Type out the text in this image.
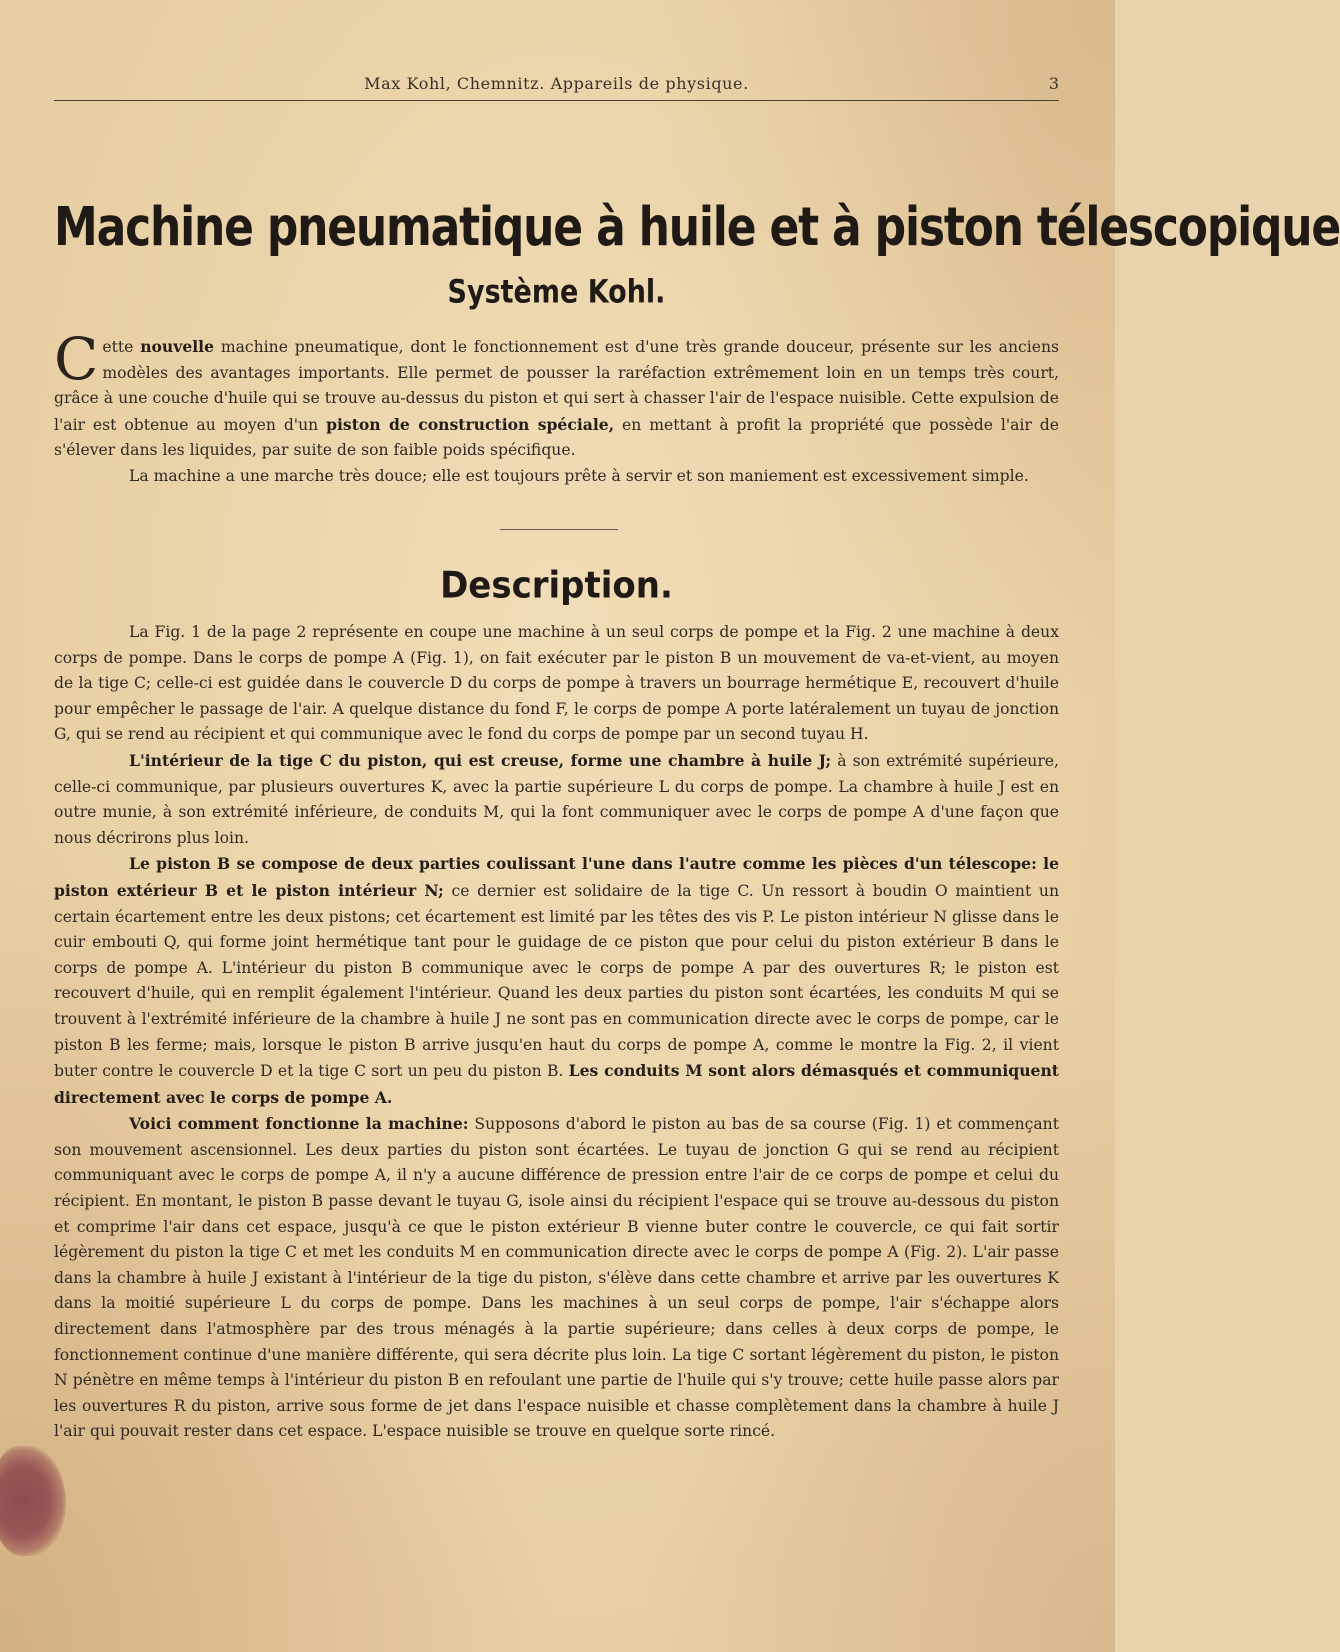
Max Kohl, Chemnitz. Appareils de physique.	3
Machine pneumatique à huile et à piston télescopique
Système Kohl.

Cette nouvelle machine pneumatique, dont le fonctionnement est d'une très grande douceur, présente sur les anciens modèles des avantages importants. Elle permet de pousser la raréfaction extrêmement loin en un temps très court, grâce à une couche d'huile qui se trouve au-dessus du piston et qui sert à chasser l'air de l'espace nuisible. Cette expulsion de l'air est obtenue au moyen d'un piston de construction spéciale, en mettant à profit la propriété que possède l'air de s'élever dans les liquides, par suite de son faible poids spécifique.

La machine a une marche très douce; elle est toujours prête à servir et son maniement est excessivement simple.

Description.

La Fig. 1 de la page 2 représente en coupe une machine à un seul corps de pompe et la Fig. 2 une machine à deux corps de pompe. Dans le corps de pompe A (Fig. 1), on fait exécuter par le piston B un mouvement de va-et-vient, au moyen de la tige C; celle-ci est guidée dans le couvercle D du corps de pompe à travers un bourrage hermétique E, recouvert d'huile pour empêcher le passage de l'air. A quelque distance du fond F, le corps de pompe A porte latéralement un tuyau de jonction G, qui se rend au récipient et qui communique avec le fond du corps de pompe par un second tuyau H.

L'intérieur de la tige C du piston, qui est creuse, forme une chambre à huile J; à son extrémité supérieure, celle-ci communique, par plusieurs ouvertures K, avec la partie supérieure L du corps de pompe. La chambre à huile J est en outre munie, à son extrémité inférieure, de conduits M, qui la font communiquer avec le corps de pompe A d'une façon que nous décrirons plus loin.

Le piston B se compose de deux parties coulissant l'une dans l'autre comme les pièces d'un télescope: le piston extérieur B et le piston intérieur N; ce dernier est solidaire de la tige C. Un ressort à boudin O maintient un certain écartement entre les deux pistons; cet écartement est limité par les têtes des vis P. Le piston intérieur N glisse dans le cuir embouti Q, qui forme joint hermétique tant pour le guidage de ce piston que pour celui du piston extérieur B dans le corps de pompe A. L'intérieur du piston B communique avec le corps de pompe A par des ouvertures R; le piston est recouvert d'huile, qui en remplit également l'intérieur. Quand les deux parties du piston sont écartées, les conduits M qui se trouvent à l'extrémité inférieure de la chambre à huile J ne sont pas en communication directe avec le corps de pompe, car le piston B les ferme; mais, lorsque le piston B arrive jusqu'en haut du corps de pompe A, comme le montre la Fig. 2, il vient buter contre le couvercle D et la tige C sort un peu du piston B. Les conduits M sont alors démasqués et communiquent directement avec le corps de pompe A.

Voici comment fonctionne la machine: Supposons d'abord le piston au bas de sa course (Fig. 1) et commençant son mouvement ascensionnel. Les deux parties du piston sont écartées. Le tuyau de jonction G qui se rend au récipient communiquant avec le corps de pompe A, il n'y a aucune différence de pression entre l'air de ce corps de pompe et celui du récipient. En montant, le piston B passe devant le tuyau G, isole ainsi du récipient l'espace qui se trouve au-dessous du piston et comprime l'air dans cet espace, jusqu'à ce que le piston extérieur B vienne buter contre le couvercle, ce qui fait sortir légèrement du piston la tige C et met les conduits M en communication directe avec le corps de pompe A (Fig. 2). L'air passe dans la chambre à huile J existant à l'intérieur de la tige du piston, s'élève dans cette chambre et arrive par les ouvertures K dans la moitié supérieure L du corps de pompe. Dans les machines à un seul corps de pompe, l'air s'échappe alors directement dans l'atmosphère par des trous ménagés à la partie supérieure; dans celles à deux corps de pompe, le fonctionnement continue d'une manière différente, qui sera décrite plus loin. La tige C sortant légèrement du piston, le piston N pénètre en même temps à l'intérieur du piston B en refoulant une partie de l'huile qui s'y trouve; cette huile passe alors par les ouvertures R du piston, arrive sous forme de jet dans l'espace nuisible et chasse complètement dans la chambre à huile J l'air qui pouvait rester dans cet espace. L'espace nuisible se trouve en quelque sorte rincé.
